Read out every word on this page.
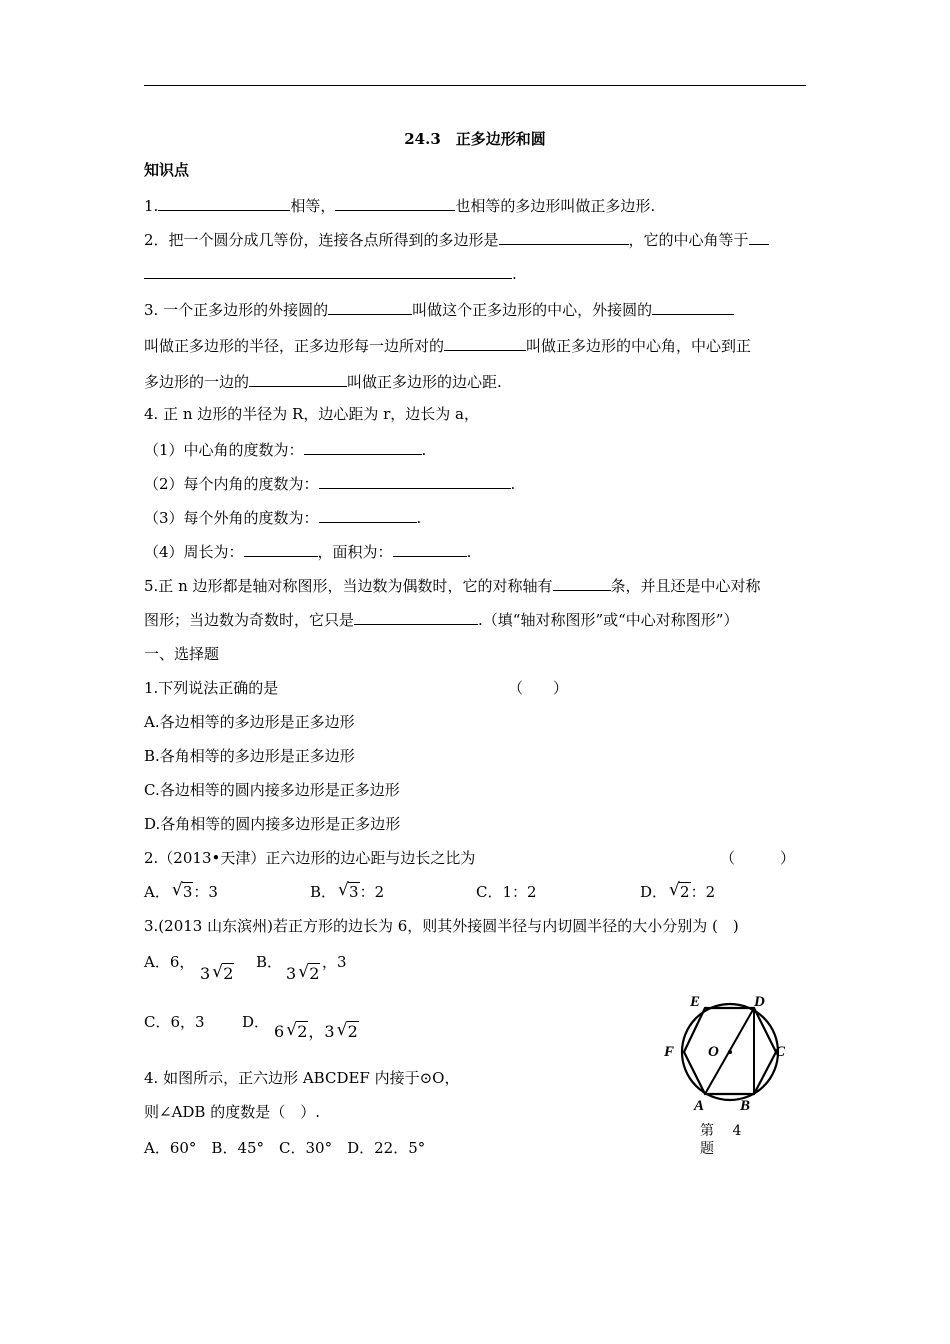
24.3　正多边形和圆
知识点
1.	相等，	也相等的多边形叫做正多边形.
2．把一个圆分成几等份，连接各点所得到的多边形是	，它的中心角等于
.
3. 一个正多边形的外接圆的	叫做这个正多边形的中心，外接圆的
叫做正多边形的半径，正多边形每一边所对的	叫做正多边形的中心角，中心到正
多边形的一边的	叫做正多边形的边心距.
4. 正 n 边形的半径为 R，边心距为 r，边长为 a，
（1）中心角的度数为：	.
（2）每个内角的度数为：	.
（3）每个外角的度数为：	.
（4）周长为：	，面积为：	.
5.正 n 边形都是轴对称图形，当边数为偶数时，它的对称轴有	条，并且还是中心对称
图形；当边数为奇数时，它只是	.（填“轴对称图形”或“中心对称图形”）
一、选择题
1.下列说法正确的是	（　　）
A.各边相等的多边形是正多边形
B.各角相等的多边形是正多边形
C.各边相等的圆内接多边形是正多边形
D.各角相等的圆内接多边形是正多边形
2.（2013•天津）正六边形的边心距与边长之比为	（　　　）
A． √ 3：3	B． √ 3：2	C．1：2	D． √ 2：2
3.(2013 山东滨州)若正方形的边长为 6，则其外接圆半径与内切圆半径的大小分别为 (　)
A．6，
3 √ 2
B．
3 √ 2
，3
C．6，3 D． 6 √ 2，3 √ 2
4. 如图所示，正六边形 ABCDEF 内接于⊙O，
则∠ADB 的度数是（　）.
A．60°　B．45°　C．30°　D．22．5°
E	D
F O	C
A B
第　 4
题
